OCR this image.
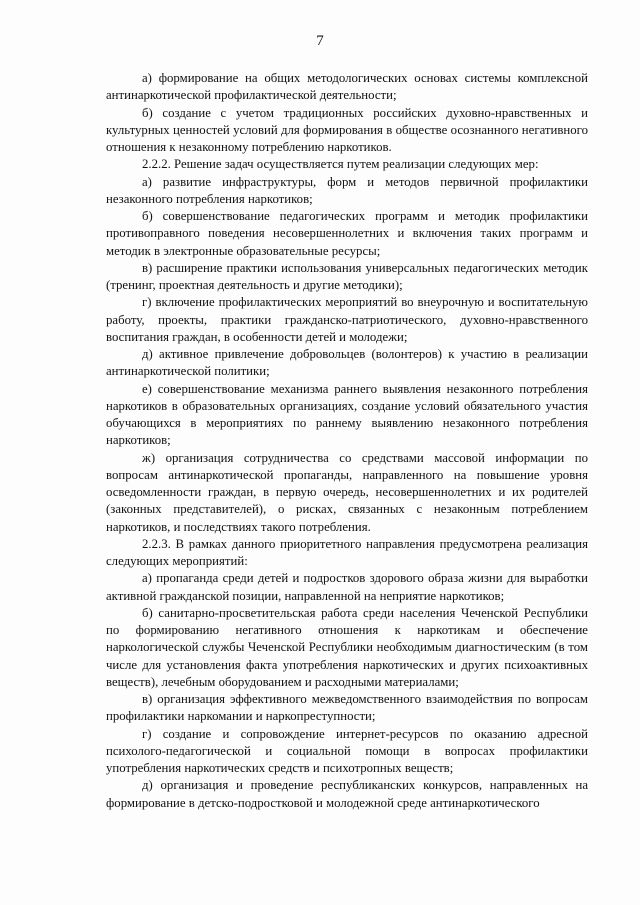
7

а) формирование на общих методологических основах системы комплексной антинаркотической профилактической деятельности;

б) создание с учетом традиционных российских духовно-нравственных и культурных ценностей условий для формирования в обществе осознанного негативного отношения к незаконному потреблению наркотиков.

2.2.2. Решение задач осуществляется путем реализации следующих мер:

а) развитие инфраструктуры, форм и методов первичной профилактики незаконного потребления наркотиков;

б) совершенствование педагогических программ и методик профилактики противоправного поведения несовершеннолетних и включения таких программ и методик в электронные образовательные ресурсы;

в) расширение практики использования универсальных педагогических методик (тренинг, проектная деятельность и другие методики);

г) включение профилактических мероприятий во внеурочную и воспитательную работу, проекты, практики гражданско-патриотического, духовно-нравственного воспитания граждан, в особенности детей и молодежи;

д) активное привлечение добровольцев (волонтеров) к участию в реализации антинаркотической политики;

е) совершенствование механизма раннего выявления незаконного потребления наркотиков в образовательных организациях, создание условий обязательного участия обучающихся в мероприятиях по раннему выявлению незаконного потребления наркотиков;

ж) организация сотрудничества со средствами массовой информации по вопросам антинаркотической пропаганды, направленного на повышение уровня осведомленности граждан, в первую очередь, несовершеннолетних и их родителей (законных представителей), о рисках, связанных с незаконным потреблением наркотиков, и последствиях такого потребления.

2.2.3. В рамках данного приоритетного направления предусмотрена реализация следующих мероприятий:

а) пропаганда среди детей и подростков здорового образа жизни для выработки активной гражданской позиции, направленной на неприятие наркотиков;

б) санитарно-просветительская работа среди населения Чеченской Республики по формированию негативного отношения к наркотикам и обеспечение наркологической службы Чеченской Республики необходимым диагностическим (в том числе для установления факта употребления наркотических и других психоактивных веществ), лечебным оборудованием и расходными материалами;

в) организация эффективного межведомственного взаимодействия по вопросам профилактики наркомании и наркопреступности;

г) создание и сопровождение интернет-ресурсов по оказанию адресной психолого-педагогической и социальной помощи в вопросах профилактики употребления наркотических средств и психотропных веществ;

д) организация и проведение республиканских конкурсов, направленных на формирование в детско-подростковой и молодежной среде антинаркотического
